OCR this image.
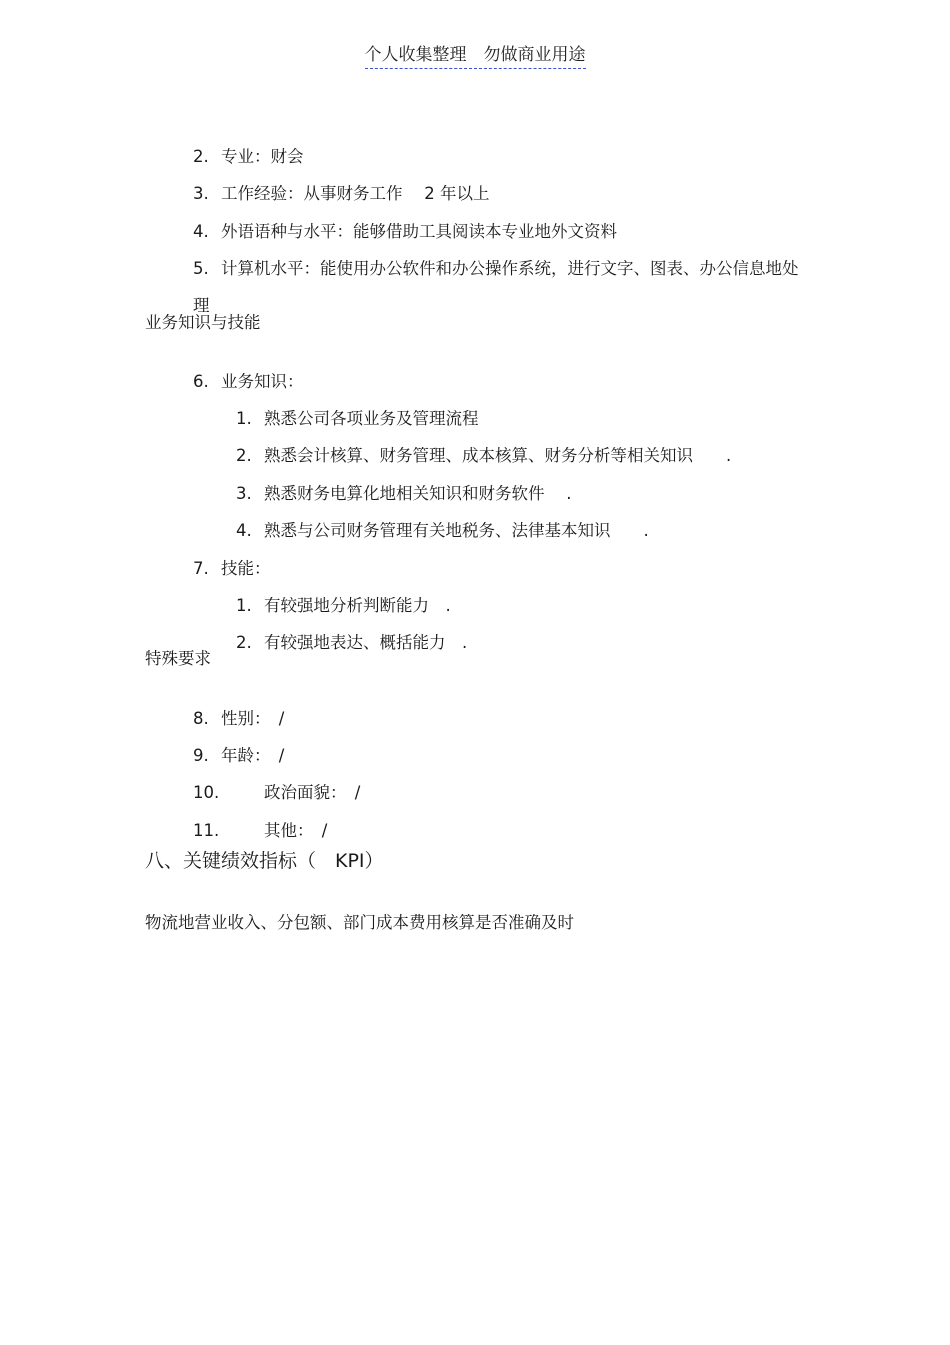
个人收集整理　勿做商业用途

2. 专业：财会

3. 工作经验：从事财务工作　 2 年以上

4. 外语语种与水平：能够借助工具阅读本专业地外文资料

5. 计算机水平：能使用办公软件和办公操作系统，进行文字、图表、办公信息地处

理

业务知识与技能

6. 业务知识：

1. 熟悉公司各项业务及管理流程

2. 熟悉会计核算、财务管理、成本核算、财务分析等相关知识　　.

3. 熟悉财务电算化地相关知识和财务软件　 .

4. 熟悉与公司财务管理有关地税务、法律基本知识　　.

7. 技能：

1. 有较强地分析判断能力　.

2. 有较强地表达、概括能力　.

特殊要求

8. 性别：　/

9. 年龄：　/

10.	政治面貌：　/

11.	其他：　/

八、关键绩效指标（　KPI）
物流地营业收入、分包额、部门成本费用核算是否准确及时
